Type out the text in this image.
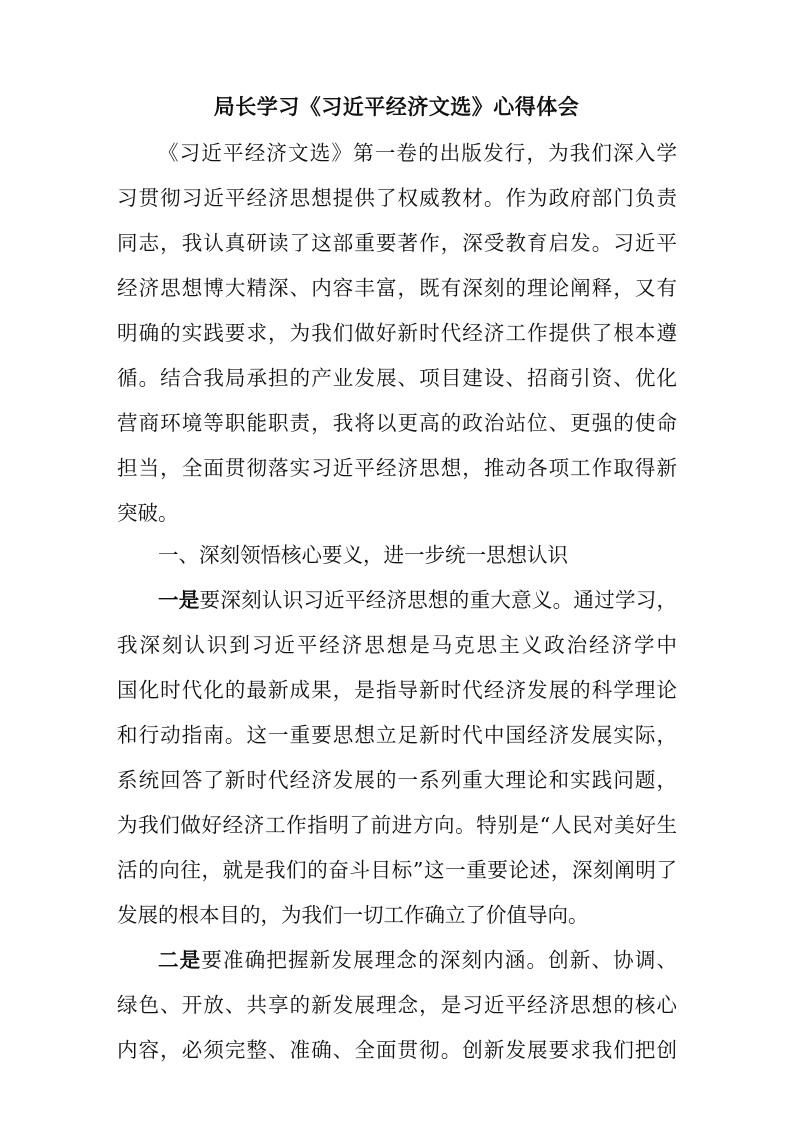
局长学习《习近平经济文选》心得体会
《习近平经济文选》第一卷的出版发行，为我们深入学
习贯彻习近平经济思想提供了权威教材。作为政府部门负责
同志，我认真研读了这部重要著作，深受教育启发。习近平
经济思想博大精深、内容丰富，既有深刻的理论阐释，又有
明确的实践要求，为我们做好新时代经济工作提供了根本遵
循。结合我局承担的产业发展、项目建设、招商引资、优化
营商环境等职能职责，我将以更高的政治站位、更强的使命
担当，全面贯彻落实习近平经济思想，推动各项工作取得新
突破。
一、深刻领悟核心要义，进一步统一思想认识
一是要深刻认识习近平经济思想的重大意义。通过学习，
我深刻认识到习近平经济思想是马克思主义政治经济学中
国化时代化的最新成果，是指导新时代经济发展的科学理论
和行动指南。这一重要思想立足新时代中国经济发展实际，
系统回答了新时代经济发展的一系列重大理论和实践问题，
为我们做好经济工作指明了前进方向。特别是“人民对美好生
活的向往，就是我们的奋斗目标”这一重要论述，深刻阐明了
发展的根本目的，为我们一切工作确立了价值导向。
二是要准确把握新发展理念的深刻内涵。创新、协调、
绿色、开放、共享的新发展理念，是习近平经济思想的核心
内容，必须完整、准确、全面贯彻。创新发展要求我们把创
